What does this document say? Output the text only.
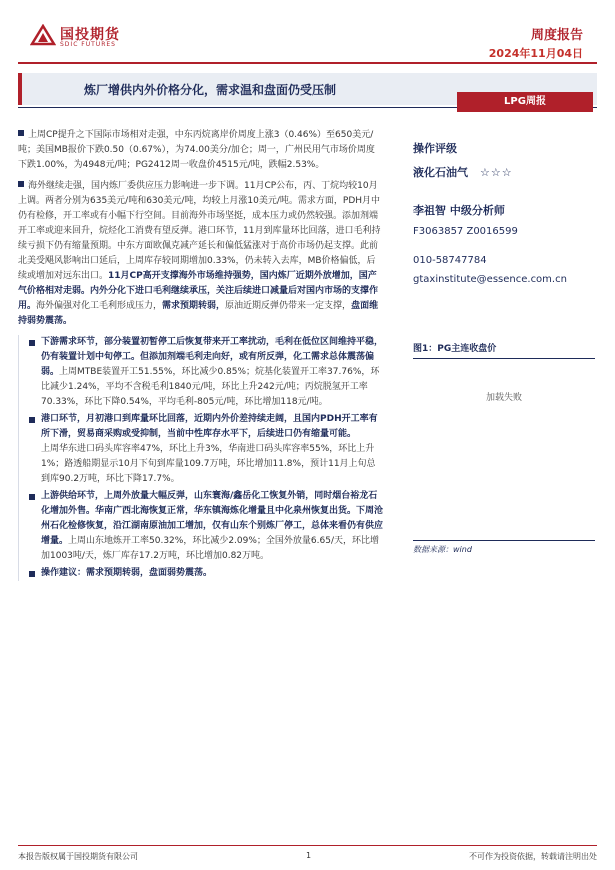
国投期货
SDIC FUTURES
周度报告
2024年11月04日
炼厂增供内外价格分化，需求温和盘面仍受压制
LPG周报

上周CP提升之下国际市场相对走强，中东丙烷离岸价周度上涨3（0.46%）至650美元/吨；美国MB报价下跌0.50（0.67%），为74.00美分/加仑；周一，广州民用气市场价周度下跌1.00%，为4948元/吨；PG2412周一收盘价4515元/吨，跌幅2.53%。

海外继续走强，国内炼厂委供应压力影响进一步下调。11月CP公布，丙、丁烷均较10月上调。两者分别为635美元/吨和630美元/吨，均较上月涨10美元/吨。需求方面，PDH月中仍有检修，开工率或有小幅下行空间。目前海外市场坚挺，成本压力或仍然较强。添加剂端开工率或迎来回升，烷烃化工消费有望反弹。港口环节，11月到库量环比回落，进口毛利持续亏损下仍有缩量预期。中东方面欧佩克减产延长和偏低猛涨对于高价市场仍起支撑。此前北美受飓风影响出口延后，上周库存较同期增加0.33%，仍未转入去库，MB价格偏低，后续或增加对远东出口。11月CP高开支撑海外市场维持强势，国内炼厂近期外放增加，国产气价格相对走弱。内外分化下进口毛利继续承压，关注后续进口减量后对国内市场的支撑作用。海外偏强对化工毛利形成压力，需求预期转弱，原油近期反弹仍带来一定支撑，盘面维持弱势震荡。

下游需求环节，部分装置初暂停工后恢复带来开工率扰动，毛利在低位区间维持平稳，仍有装置计划中旬停工。但添加剂端毛利走向好，或有所反弹，化工需求总体震荡偏弱。上周MTBE装置开工51.55%，环比减少0.85%；烷基化装置开工率37.76%，环比减少1.24%，平均不含税毛利1840元/吨，环比上升242元/吨；丙烷脱氢开工率70.33%，环比下降0.54%，平均毛利-805元/吨，环比增加118元/吨。
港口环节，月初港口到库量环比回落，近期内外价差持续走阔，且国内PDH开工率有所下滑，贸易商采购或受抑制，当前中性库存水平下，后续进口仍有缩量可能。
上周华东进口码头库容率47%，环比上升3%，华南进口码头库容率55%，环比上升1%；路透船期显示10月下旬到库量109.7万吨，环比增加11.8%，预计11月上旬总到库90.2万吨，环比下降17.7%。
上游供给环节，上周外放量大幅反弹，山东寰海/鑫岳化工恢复外销，同时烟台裕龙石化增加外售。华南广西北海恢复正常，华东镇海炼化增量且中化泉州恢复出货。下周沧州石化检修恢复，沿江湖南原油加工增加，仅有山东个别炼厂停工，总体来看仍有供应增量。上周山东地炼开工率50.32%，环比减少2.09%；全国外放量6.65/天，环比增加1003吨/天，炼厂库存17.2万吨，环比增加0.82万吨。
操作建议：需求预期转弱，盘面弱势震荡。
操作评级
液化石油气 ☆☆☆
李祖智 中级分析师
F3063857 Z0016599
010-58747784
gtaxinstitute@essence.com.cn
图1：PG主连收盘价
加载失败
数据来源：wind
本报告版权属于国投期货有限公司	1	不可作为投资依据，转载请注明出处
